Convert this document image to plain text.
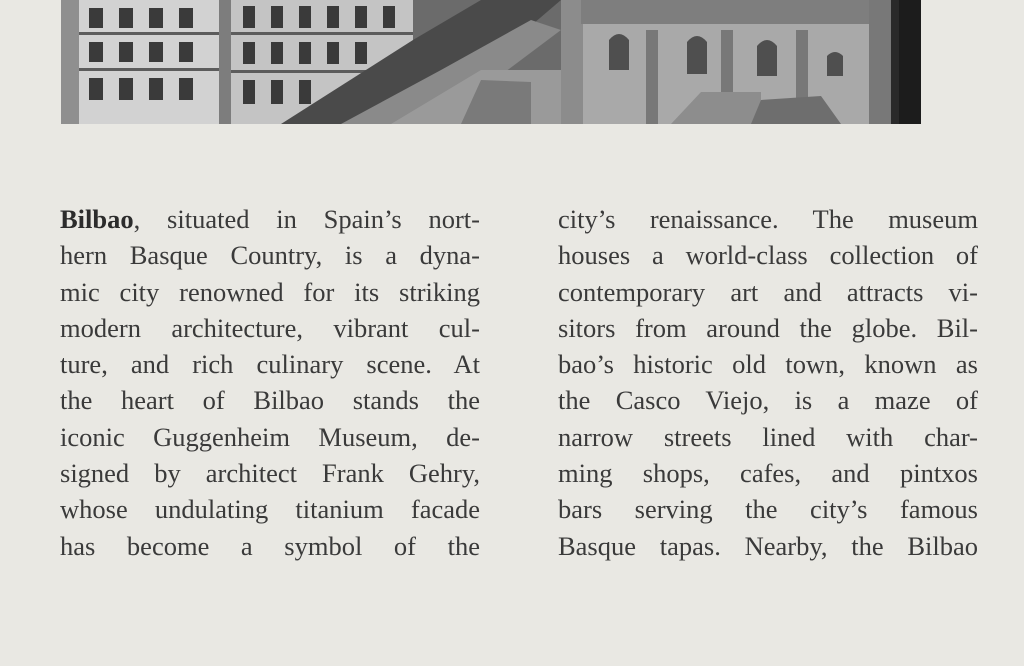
Bilbao, situated in Spain’s nort-
hern Basque Country, is a dyna-
mic city renowned for its striking
modern architecture, vibrant cul-
ture, and rich culinary scene. At
the heart of Bilbao stands the
iconic Guggenheim Museum, de-
signed by architect Frank Gehry,
whose undulating titanium facade
has become a symbol of the
city’s renaissance. The museum
houses a world-class collection of
contemporary art and attracts vi-
sitors from around the globe. Bil-
bao’s historic old town, known as
the Casco Viejo, is a maze of
narrow streets lined with char-
ming shops, cafes, and pintxos
bars serving the city’s famous
Basque tapas. Nearby, the Bilbao
